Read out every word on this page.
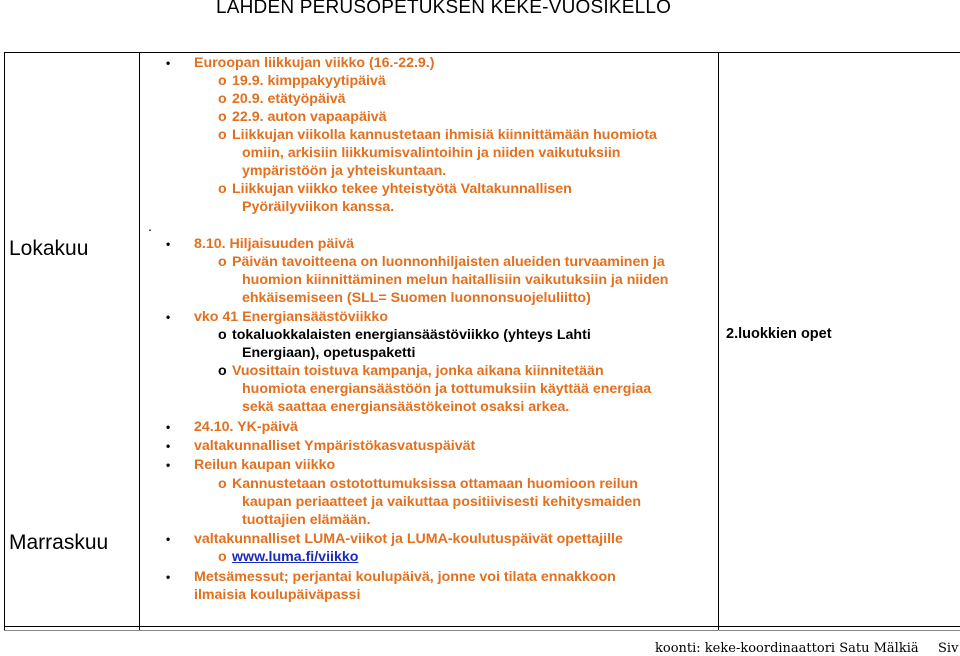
LAHDEN PERUSOPETUKSEN KEKE-VUOSIKELLO
Lokakuu
Marraskuu
.
• Euroopan liikkujan viikko (16.-22.9.)
o 19.9. kimppakyytipäivä
o 20.9. etätyöpäivä
o 22.9. auton vapaapäivä
o Liikkujan viikolla kannustetaan ihmisiä kiinnittämään huomiota
omiin, arkisiin liikkumisvalintoihin ja niiden vaikutuksiin
ympäristöön ja yhteiskuntaan.
o Liikkujan viikko tekee yhteistyötä Valtakunnallisen
Pyöräilyviikon kanssa.
• 8.10. Hiljaisuuden päivä
o Päivän tavoitteena on luonnonhiljaisten alueiden turvaaminen ja
huomion kiinnittäminen melun haitallisiin vaikutuksiin ja niiden
ehkäisemiseen (SLL= Suomen luonnonsuojeluliitto)
• vko 41 Energiansäästöviikko
o tokaluokkalaisten energiansäästöviikko (yhteys Lahti
Energiaan), opetuspaketti
o Vuosittain toistuva kampanja, jonka aikana kiinnitetään
huomiota energiansäästöön ja tottumuksiin käyttää energiaa
sekä saattaa energiansäästökeinot osaksi arkea.
• 24.10. YK-päivä
• valtakunnalliset Ympäristökasvatuspäivät
• Reilun kaupan viikko
o Kannustetaan ostotottumuksissa ottamaan huomioon reilun
kaupan periaatteet ja vaikuttaa positiivisesti kehitysmaiden
tuottajien elämään.
• valtakunnalliset LUMA-viikot ja LUMA-koulutuspäivät opettajille
o www.luma.fi/viikko
• Metsämessut; perjantai koulupäivä, jonne voi tilata ennakkoon
ilmaisia koulupäiväpassi
2.luokkien opet
koonti: keke-koordinaattori Satu Mälkiä Siv
